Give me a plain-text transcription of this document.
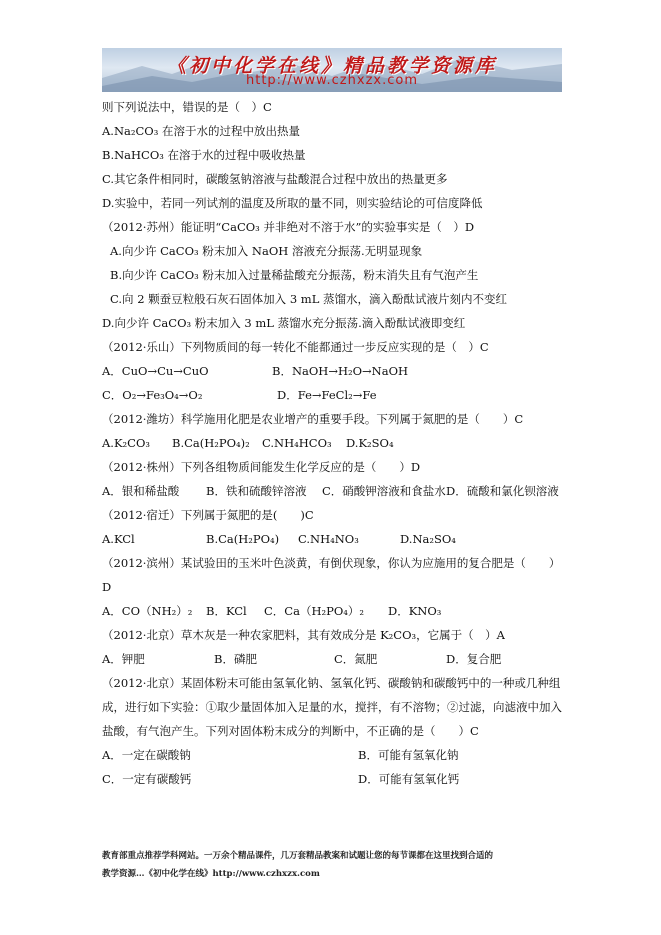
《初中化学在线》精品教学资源库
http://www.czhxzx.com
则下列说法中，错误的是（　）C
A.Na₂CO₃ 在溶于水的过程中放出热量
B.NaHCO₃ 在溶于水的过程中吸收热量
C.其它条件相同时，碳酸氢钠溶液与盐酸混合过程中放出的热量更多
D.实验中，若同一列试剂的温度及所取的量不同，则实验结论的可信度降低
（2012·苏州）能证明“CaCO₃ 并非绝对不溶于水”的实验事实是（　）D
A.向少许 CaCO₃ 粉末加入 NaOH 溶液充分振荡.无明显现象
B.向少许 CaCO₃ 粉末加入过量稀盐酸充分振荡，粉末消失且有气泡产生
C.向 2 颗蚕豆粒般石灰石固体加入 3 mL 蒸馏水，滴入酚酞试液片刻内不变红
D.向少许 CaCO₃ 粉末加入 3 mL 蒸馏水充分振荡.滴入酚酞试液即变红
（2012·乐山）下列物质间的每一转化不能都通过一步反应实现的是（　）C
A．CuO→Cu→CuO	B．NaOH→H₂O→NaOH
C．O₂→Fe₃O₄→O₂	D．Fe→FeCl₂→Fe
（2012·潍坊）科学施用化肥是农业增产的重要手段。下列属于氮肥的是（　　）C
A.K₂CO₃	B.Ca(H₂PO₄)₂	C.NH₄HCO₃	D.K₂SO₄
（2012·株州）下列各组物质间能发生化学反应的是（　　）D
A．银和稀盐酸	B．铁和硫酸锌溶液	C．硝酸钾溶液和食盐水 D．硫酸和氯化钡溶液
（2012·宿迁）下列属于氮肥的是(　　)C
A.KCl	B.Ca(H₂PO₄)	C.NH₄NO₃	D.Na₂SO₄
（2012·滨州）某试验田的玉米叶色淡黄，有倒伏现象，你认为应施用的复合肥是（　　）D
A．CO（NH₂）₂	B．KCl	C．Ca（H₂PO₄）₂	D．KNO₃
（2012·北京）草木灰是一种农家肥料，其有效成分是 K₂CO₃，它属于（　）A
A．钾肥	B．磷肥	C．氮肥	D．复合肥
（2012·北京）某固体粉末可能由氢氧化钠、氢氧化钙、碳酸钠和碳酸钙中的一种或几种组成，进行如下实验：①取少量固体加入足量的水，搅拌，有不溶物；②过滤，向滤液中加入盐酸，有气泡产生。下列对固体粉末成分的判断中，不正确的是（　　）C
A．一定在碳酸钠	B．可能有氢氧化钠
C．一定有碳酸钙	D．可能有氢氧化钙
教育部重点推荐学科网站。一万余个精品课件，几万套精品教案和试题让您的每节课都在这里找到合适的
教学资源…《初中化学在线》http://www.czhxzx.com
